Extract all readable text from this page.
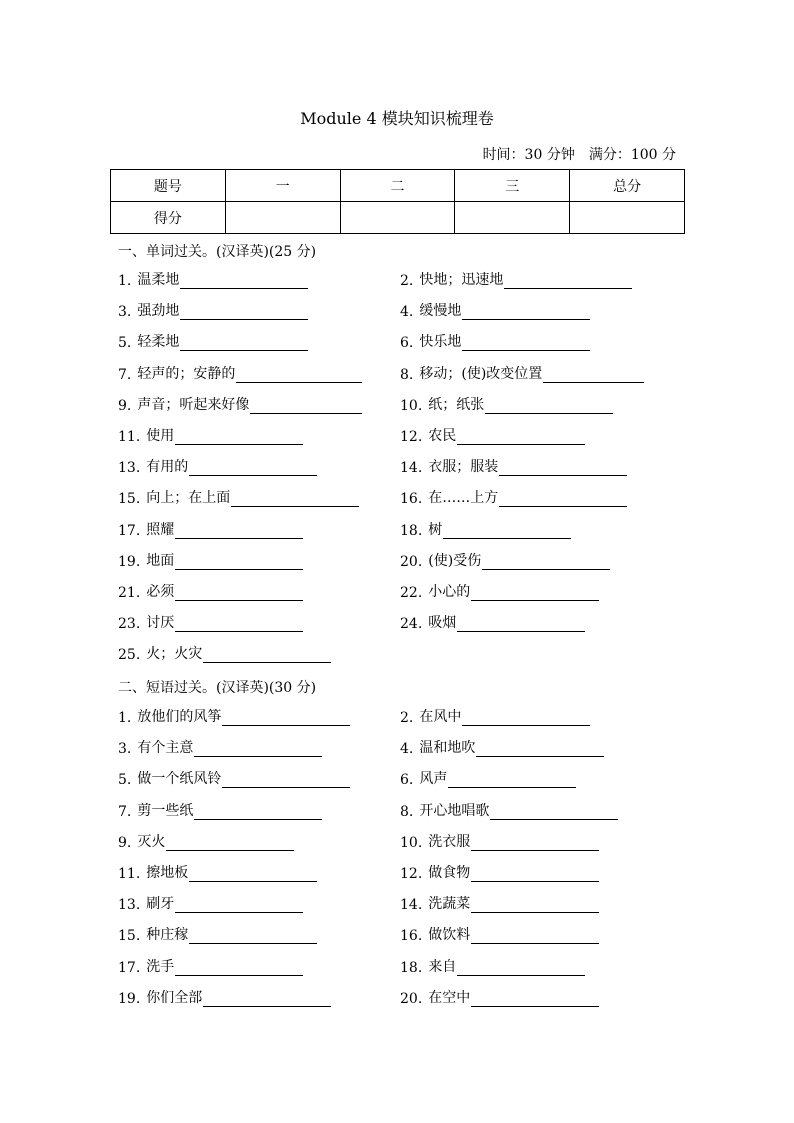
Module 4 模块知识梳理卷
时间：30 分钟　满分：100 分
题号	一	二	三	总分
得分				
一、单词过关。(汉译英)(25 分)
1. 温柔地	2. 快地；迅速地
3. 强劲地	4. 缓慢地
5. 轻柔地	6. 快乐地
7. 轻声的；安静的	8. 移动；(使)改变位置
9. 声音；听起来好像	10. 纸；纸张
11. 使用	12. 农民
13. 有用的	14. 衣服；服装
15. 向上；在上面	16. 在……上方
17. 照耀	18. 树
19. 地面	20. (使)受伤
21. 必须	22. 小心的
23. 讨厌	24. 吸烟
25. 火；火灾
二、短语过关。(汉译英)(30 分)
1. 放他们的风筝	2. 在风中
3. 有个主意	4. 温和地吹
5. 做一个纸风铃	6. 风声
7. 剪一些纸	8. 开心地唱歌
9. 灭火	10. 洗衣服
11. 擦地板	12. 做食物
13. 刷牙	14. 洗蔬菜
15. 种庄稼	16. 做饮料
17. 洗手	18. 来自
19. 你们全部	20. 在空中
